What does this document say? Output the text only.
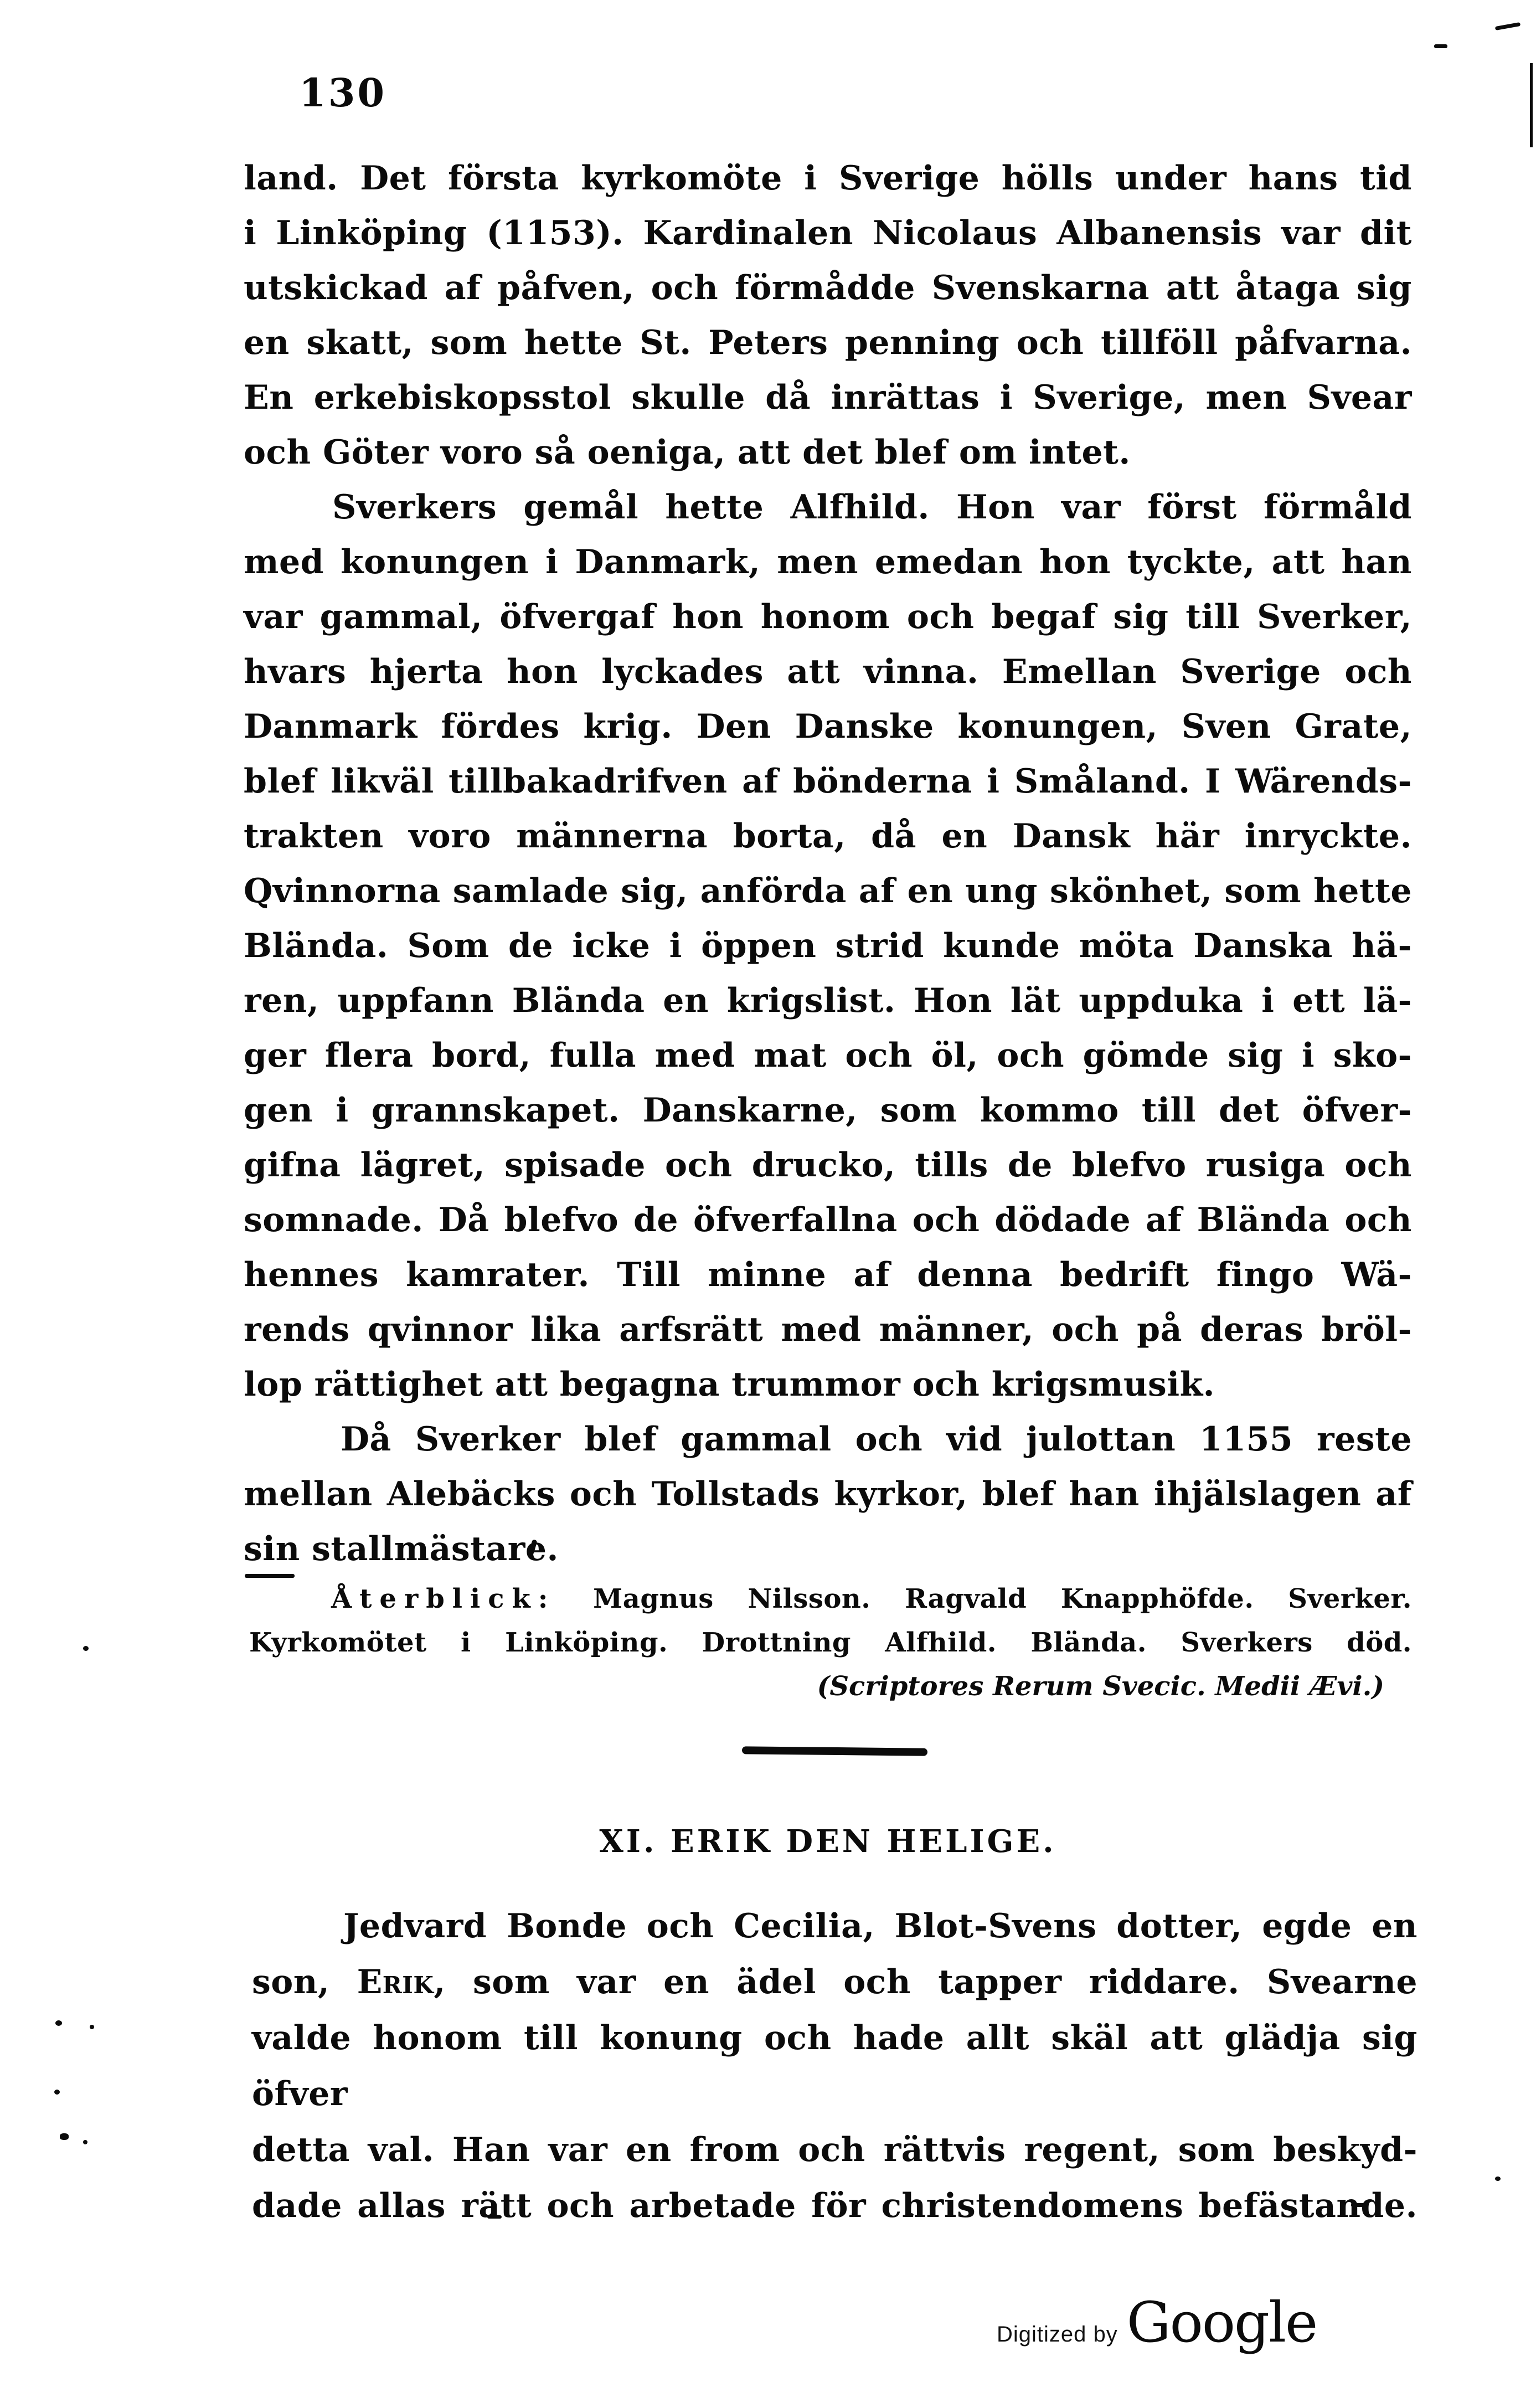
130
land. Det första kyrkomöte i Sverige hölls under hans tid
i Linköping (1153). Kardinalen Nicolaus Albanensis var dit
utskickad af påfven, och förmådde Svenskarna att åtaga sig
en skatt, som hette St. Peters penning och tillföll påfvarna.
En erkebiskopsstol skulle då inrättas i Sverige, men Svear
och Göter voro så oeniga, att det blef om intet.
Sverkers gemål hette Alfhild. Hon var först förmåld
med konungen i Danmark, men emedan hon tyckte, att han
var gammal, öfvergaf hon honom och begaf sig till Sverker,
hvars hjerta hon lyckades att vinna. Emellan Sverige och
Danmark fördes krig. Den Danske konungen, Sven Grate,
blef likväl tillbakadrifven af bönderna i Småland. I Wärends-
trakten voro männerna borta, då en Dansk här inryckte.
Qvinnorna samlade sig, anförda af en ung skönhet, som hette
Blända. Som de icke i öppen strid kunde möta Danska hä-
ren, uppfann Blända en krigslist. Hon lät uppduka i ett lä-
ger flera bord, fulla med mat och öl, och gömde sig i sko-
gen i grannskapet. Danskarne, som kommo till det öfver-
gifna lägret, spisade och drucko, tills de blefvo rusiga och
somnade. Då blefvo de öfverfallna och dödade af Blända och
hennes kamrater. Till minne af denna bedrift fingo Wä-
rends qvinnor lika arfsrätt med männer, och på deras bröl-
lop rättighet att begagna trummor och krigsmusik.
Då Sverker blef gammal och vid julottan 1155 reste
mellan Alebäcks och Tollstads kyrkor, blef han ihjälslagen af
sin stallmästare.
Återblick: Magnus Nilsson. Ragvald Knapphöfde. Sverker.
Kyrkomötet i Linköping. Drottning Alfhild. Blända. Sverkers död.
(Scriptores Rerum Svecic. Medii Ævi.)
XI. ERIK DEN HELIGE.
Jedvard Bonde och Cecilia, Blot-Svens dotter, egde en
son, Erik, som var en ädel och tapper riddare. Svearne
valde honom till konung och hade allt skäl att glädja sig öfver
detta val. Han var en from och rättvis regent, som beskyd-
dade allas rätt och arbetade för christendomens befästande.
Digitized by Google
